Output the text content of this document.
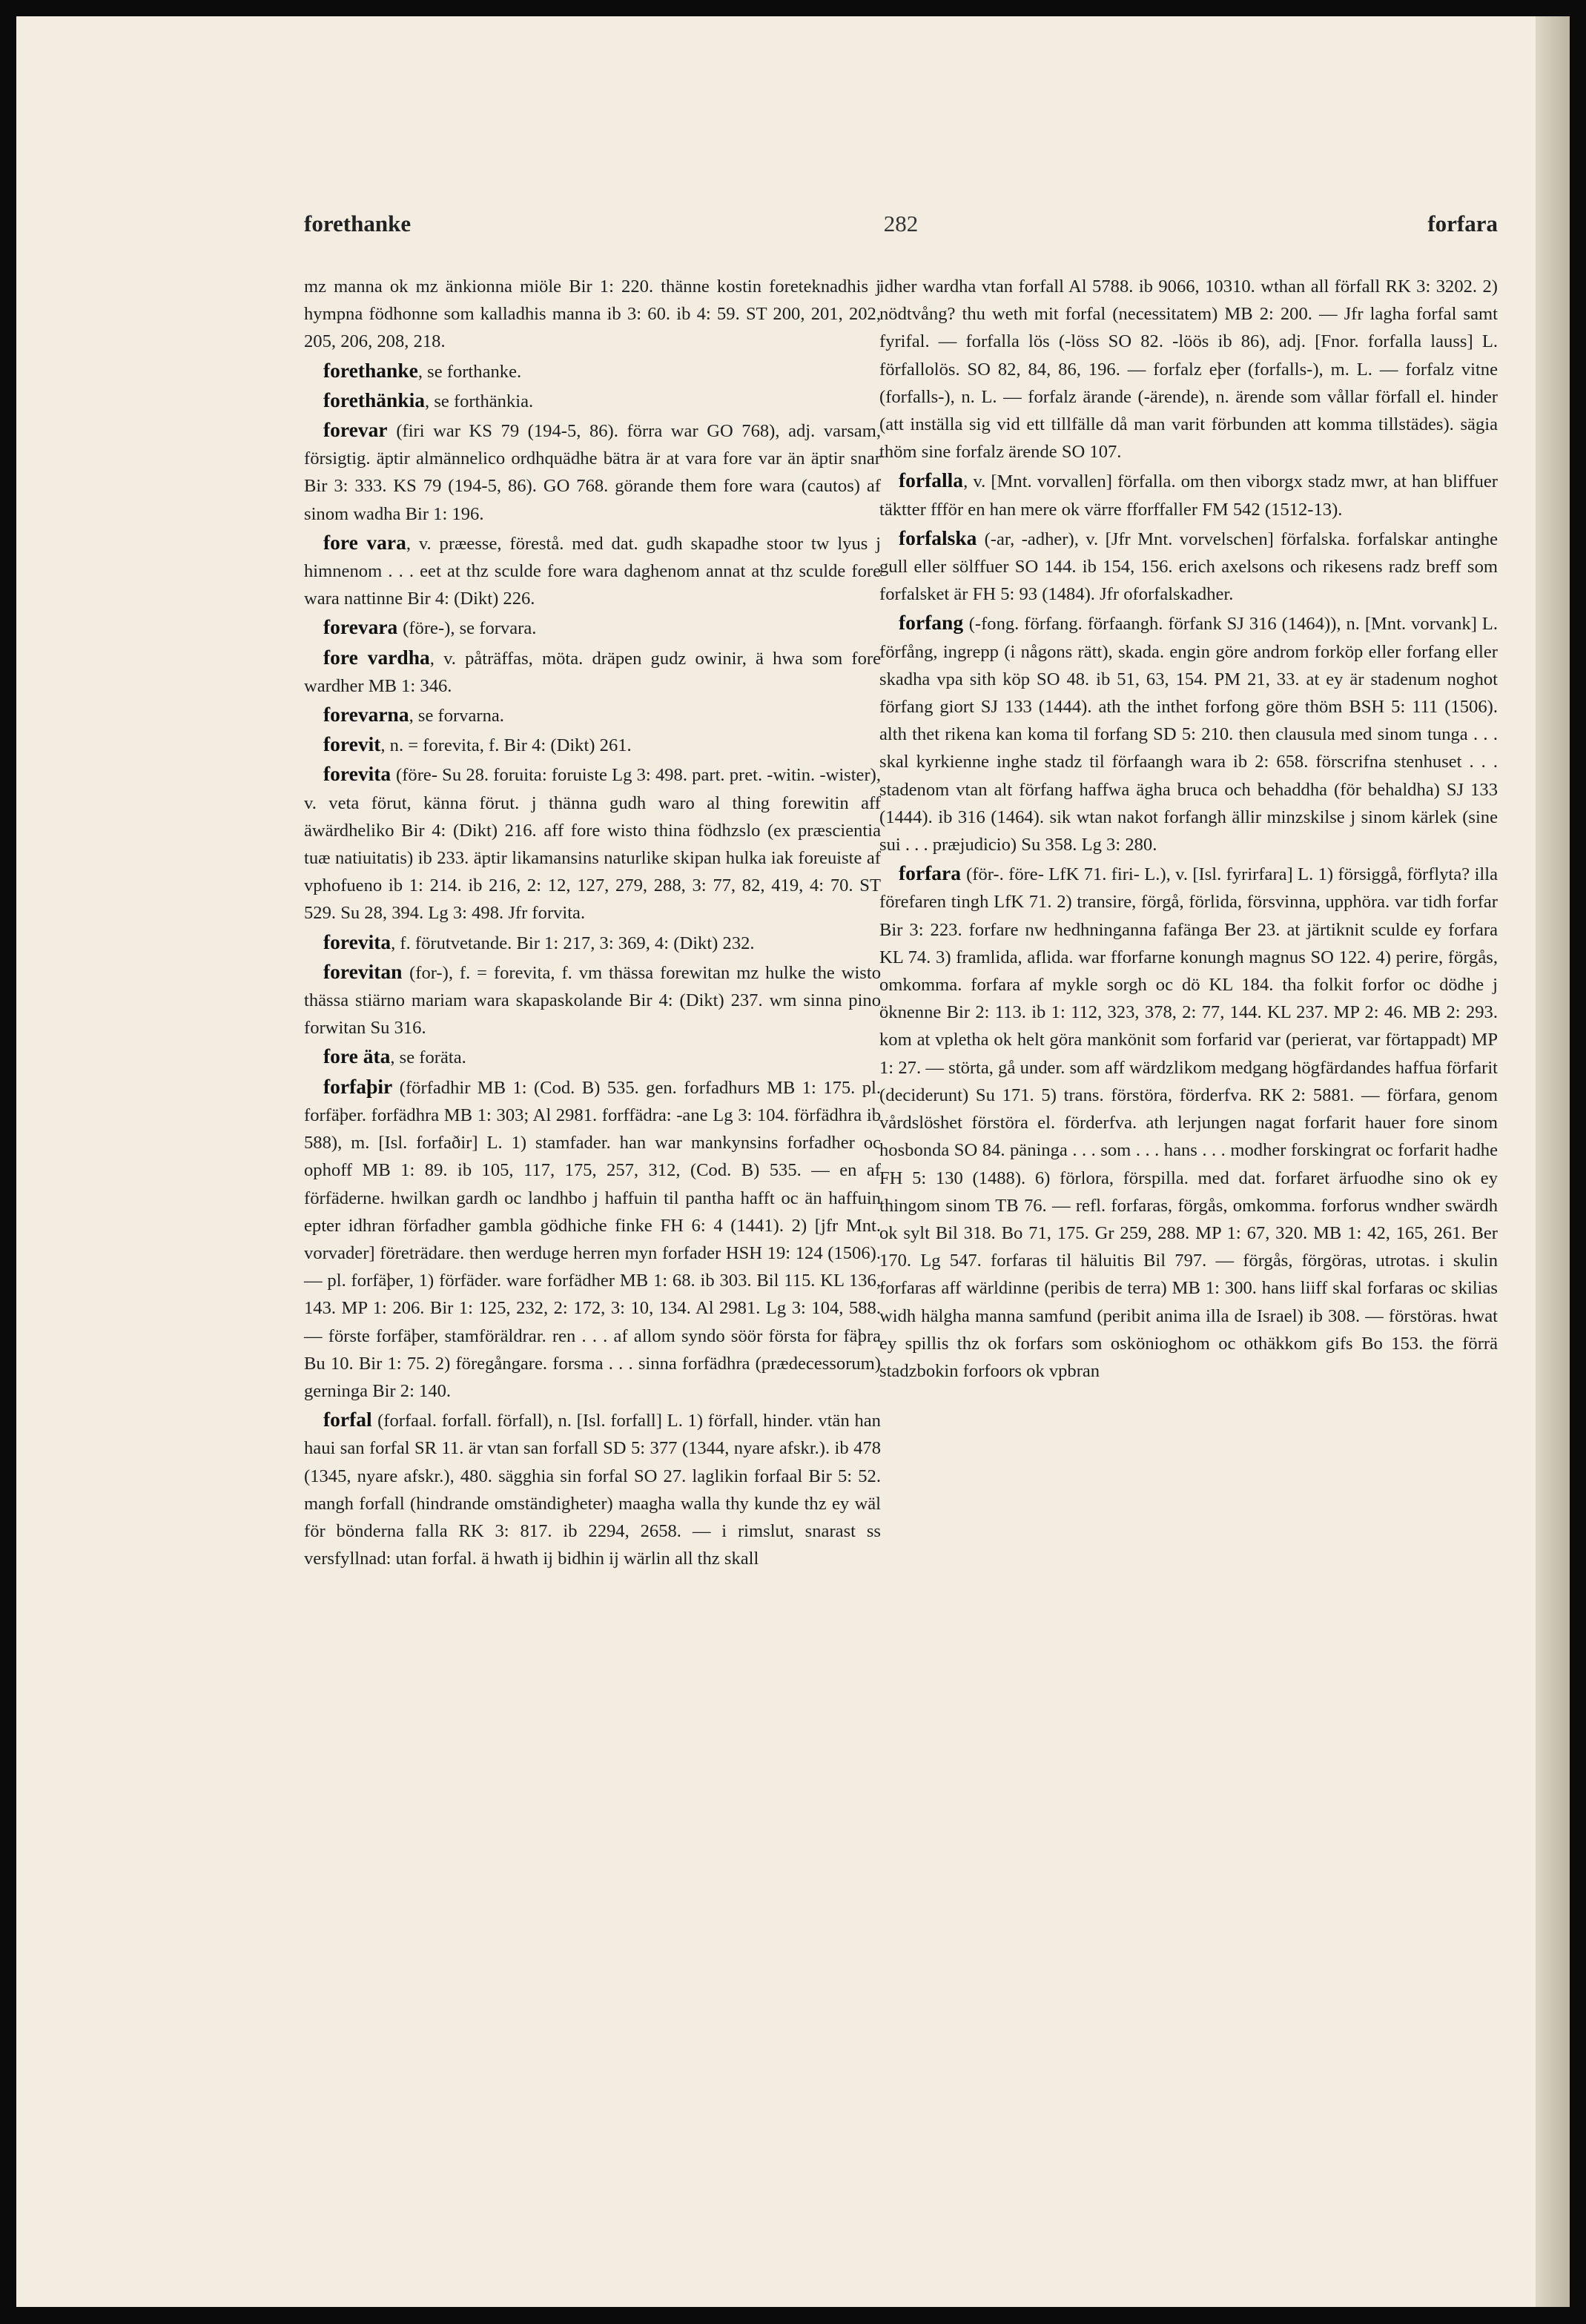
forethanke	282	forfara

mz manna ok mz änkionna miöle Bir 1: 220. thänne kostin foreteknadhis j hympna födhonne som kalladhis manna ib 3: 60. ib 4: 59. ST 200, 201, 202, 205, 206, 208, 218.

forethanke, se forthanke.

forethänkia, se forthänkia.

forevar (firi war KS 79 (194-5, 86). förra war GO 768), adj. varsam, försigtig. äptir almännelico ordhquädhe bätra är at vara fore var än äptir snar Bir 3: 333. KS 79 (194-5, 86). GO 768. görande them fore wara (cautos) af sinom wadha Bir 1: 196.

fore vara, v. præesse, förestå. med dat. gudh skapadhe stoor tw lyus j himnenom . . . eet at thz sculde fore wara daghenom annat at thz sculde fore wara nattinne Bir 4: (Dikt) 226.

forevara (före-), se forvara.

fore vardha, v. påträffas, möta. dräpen gudz owinir, ä hwa som fore wardher MB 1: 346.

forevarna, se forvarna.

forevit, n. = forevita, f. Bir 4: (Dikt) 261.

forevita (före- Su 28. foruita: foruiste Lg 3: 498. part. pret. -witin. -wister), v. veta förut, känna förut. j thänna gudh waro al thing forewitin aff äwärdheliko Bir 4: (Dikt) 216. aff fore wisto thina födhzslo (ex præscientia tuæ natiuitatis) ib 233. äptir likamansins naturlike skipan hulka iak foreuiste af vphofueno ib 1: 214. ib 216, 2: 12, 127, 279, 288, 3: 77, 82, 419, 4: 70. ST 529. Su 28, 394. Lg 3: 498. Jfr forvita.

forevita, f. förutvetande. Bir 1: 217, 3: 369, 4: (Dikt) 232.

forevitan (for-), f. = forevita, f. vm thässa forewitan mz hulke the wisto thässa stiärno mariam wara skapaskolande Bir 4: (Dikt) 237. wm sinna pino forwitan Su 316.

fore äta, se foräta.

forfaþir (förfadhir MB 1: (Cod. B) 535. gen. forfadhurs MB 1: 175. pl. forfäþer. forfädhra MB 1: 303; Al 2981. forffädra: -ane Lg 3: 104. förfädhra ib 588), m. [Isl. forfaðir] L. 1) stamfader. han war mankynsins forfadher oc ophoff MB 1: 89. ib 105, 117, 175, 257, 312, (Cod. B) 535. — en af förfäderne. hwilkan gardh oc landhbo j haffuin til pantha hafft oc än haffuin epter idhran förfadher gambla gödhiche finke FH 6: 4 (1441). 2) [jfr Mnt. vorvader] företrädare. then werduge herren myn forfader HSH 19: 124 (1506). — pl. forfäþer, 1) förfäder. ware forfädher MB 1: 68. ib 303. Bil 115. KL 136, 143. MP 1: 206. Bir 1: 125, 232, 2: 172, 3: 10, 134. Al 2981. Lg 3: 104, 588. — förste forfäþer, stamföräldrar. ren . . . af allom syndo söör första for fäþra Bu 10. Bir 1: 75. 2) föregångare. forsma . . . sinna forfädhra (prædecessorum) gerninga Bir 2: 140.

forfal (forfaal. forfall. förfall), n. [Isl. forfall] L. 1) förfall, hinder. vtän han haui san forfal SR 11. är vtan san forfall SD 5: 377 (1344, nyare afskr.). ib 478 (1345, nyare afskr.), 480. sägghia sin forfal SO 27. laglikin forfaal Bir 5: 52. mangh forfall (hindrande omständigheter) maagha walla thy kunde thz ey wäl för bönderna falla RK 3: 817. ib 2294, 2658. — i rimslut, snarast ss versfyllnad: utan forfal. ä hwath ij bidhin ij wärlin all thz skall

idher wardha vtan forfall Al 5788. ib 9066, 10310. wthan all förfall RK 3: 3202. 2) nödtvång? thu weth mit forfal (necessitatem) MB 2: 200. — Jfr lagha forfal samt fyrifal. — forfalla lös (-löss SO 82. -löös ib 86), adj. [Fnor. forfalla lauss] L. förfallolös. SO 82, 84, 86, 196. — forfalz eþer (forfalls-), m. L. — forfalz vitne (forfalls-), n. L. — forfalz ärande (-ärende), n. ärende som vållar förfall el. hinder (att inställa sig vid ett tillfälle då man varit förbunden att komma tillstädes). sägia thöm sine forfalz ärende SO 107.

forfalla, v. [Mnt. vorvallen] förfalla. om then viborgx stadz mwr, at han bliffuer täktter ffför en han mere ok värre fforffaller FM 542 (1512-13).

forfalska (-ar, -adher), v. [Jfr Mnt. vorvelschen] förfalska. forfalskar antinghe gull eller sölffuer SO 144. ib 154, 156. erich axelsons och rikesens radz breff som forfalsket är FH 5: 93 (1484). Jfr oforfalskadher.

forfang (-fong. förfang. förfaangh. förfank SJ 316 (1464)), n. [Mnt. vorvank] L. förfång, ingrepp (i någons rätt), skada. engin göre androm forköp eller forfang eller skadha vpa sith köp SO 48. ib 51, 63, 154. PM 21, 33. at ey är stadenum noghot förfang giort SJ 133 (1444). ath the inthet forfong göre thöm BSH 5: 111 (1506). alth thet rikena kan koma til forfang SD 5: 210. then clausula med sinom tunga . . . skal kyrkienne inghe stadz til förfaangh wara ib 2: 658. förscrifna stenhuset . . . stadenom vtan alt förfang haffwa ägha bruca och behaddha (för behaldha) SJ 133 (1444). ib 316 (1464). sik wtan nakot forfangh ällir minzskilse j sinom kärlek (sine sui . . . præjudicio) Su 358. Lg 3: 280.

forfara (för-. före- LfK 71. firi- L.), v. [Isl. fyrirfara] L. 1) försiggå, förflyta? illa förefaren tingh LfK 71. 2) transire, förgå, förlida, försvinna, upphöra. var tidh forfar Bir 3: 223. forfare nw hedhninganna fafänga Ber 23. at järtiknit sculde ey forfara KL 74. 3) framlida, aflida. war fforfarne konungh magnus SO 122. 4) perire, förgås, omkomma. forfara af mykle sorgh oc dö KL 184. tha folkit forfor oc dödhe j öknenne Bir 2: 113. ib 1: 112, 323, 378, 2: 77, 144. KL 237. MP 2: 46. MB 2: 293. kom at vpletha ok helt göra mankönit som forfarid var (perierat, var förtappadt) MP 1: 27. — störta, gå under. som aff wärdzlikom medgang högfärdandes haffua förfarit (deciderunt) Su 171. 5) trans. förstöra, förderfva. RK 2: 5881. — förfara, genom vårdslöshet förstöra el. förderfva. ath lerjungen nagat forfarit hauer fore sinom hosbonda SO 84. päninga . . . som . . . hans . . . modher forskingrat oc forfarit hadhe FH 5: 130 (1488). 6) förlora, förspilla. med dat. forfaret ärfuodhe sino ok ey thingom sinom TB 76. — refl. forfaras, förgås, omkomma. forforus wndher swärdh ok sylt Bil 318. Bo 71, 175. Gr 259, 288. MP 1: 67, 320. MB 1: 42, 165, 261. Ber 170. Lg 547. forfaras til häluitis Bil 797. — förgås, förgöras, utrotas. i skulin forfaras aff wärldinne (peribis de terra) MB 1: 300. hans liiff skal forfaras oc skilias widh hälgha manna samfund (peribit anima illa de Israel) ib 308. — förstöras. hwat ey spillis thz ok forfars som oskönioghom oc othäkkom gifs Bo 153. the förrä stadzbokin forfoors ok vpbran
